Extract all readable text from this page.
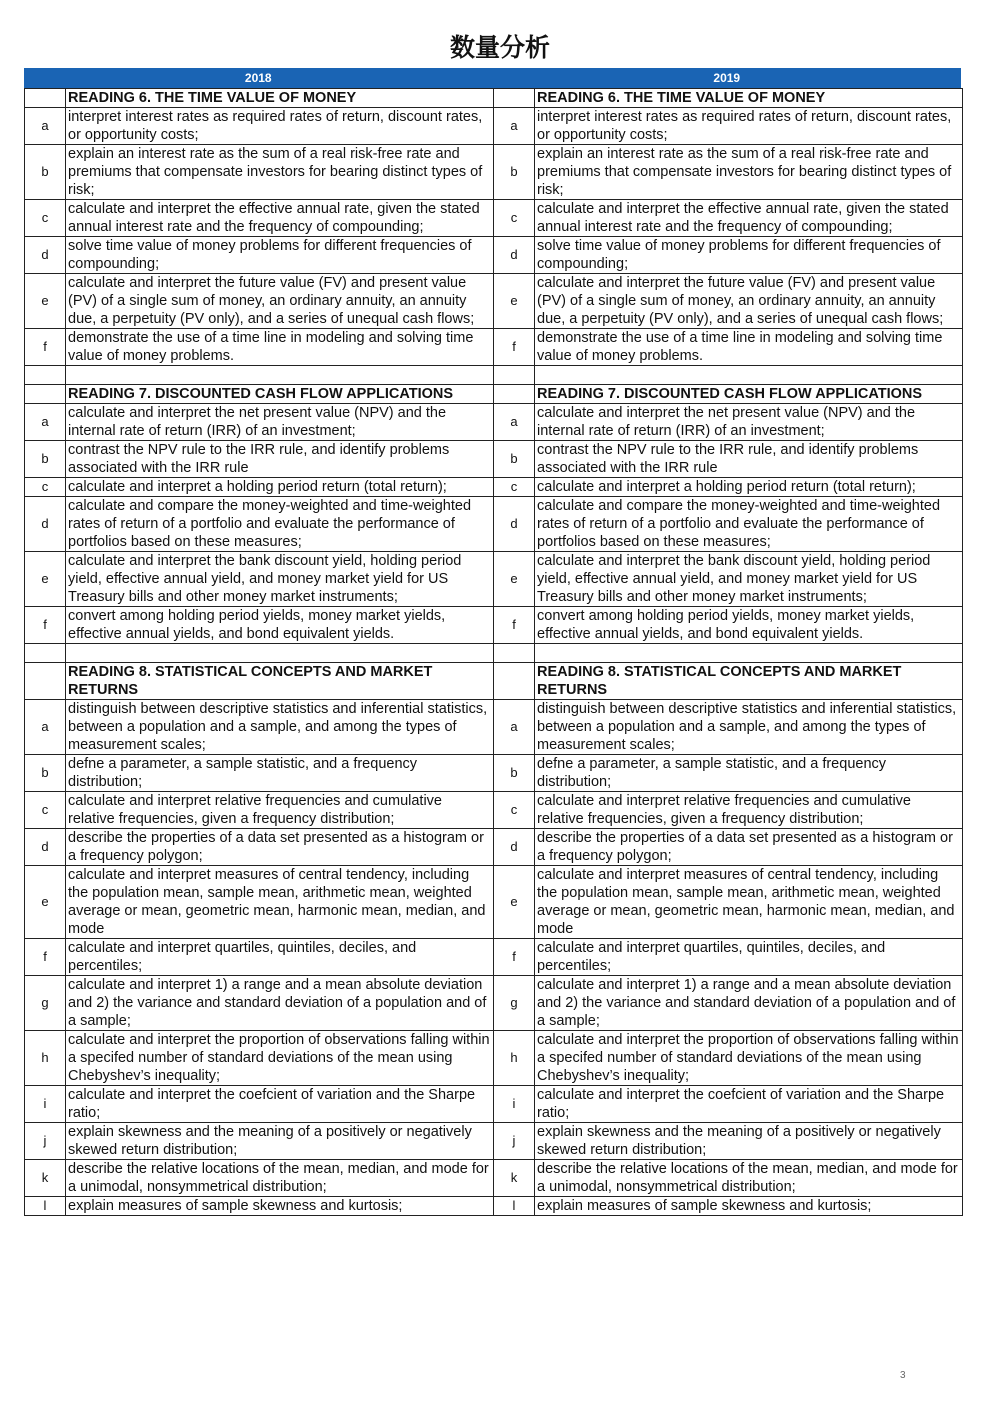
数量分析
2018	2019
	READING 6. THE TIME VALUE OF MONEY		READING 6. THE TIME VALUE OF MONEY
a	interpret interest rates as required rates of return, discount rates, or opportunity costs;	a	interpret interest rates as required rates of return, discount rates, or opportunity costs;
b	explain an interest rate as the sum of a real risk-free rate and premiums that compensate investors for bearing distinct types of risk;	b	explain an interest rate as the sum of a real risk-free rate and premiums that compensate investors for bearing distinct types of risk;
c	calculate and interpret the effective annual rate, given the stated annual interest rate and the frequency of compounding;	c	calculate and interpret the effective annual rate, given the stated annual interest rate and the frequency of compounding;
d	solve time value of money problems for different frequencies of compounding;	d	solve time value of money problems for different frequencies of compounding;
e	calculate and interpret the future value (FV) and present value (PV) of a single sum of money, an ordinary annuity, an annuity due, a perpetuity (PV only), and a series of unequal cash flows;	e	calculate and interpret the future value (FV) and present value (PV) of a single sum of money, an ordinary annuity, an annuity due, a perpetuity (PV only), and a series of unequal cash flows;
f	demonstrate the use of a time line in modeling and solving time value of money problems.	f	demonstrate the use of a time line in modeling and solving time value of money problems.

	READING 7. DISCOUNTED CASH FLOW APPLICATIONS		READING 7. DISCOUNTED CASH FLOW APPLICATIONS
a	calculate and interpret the net present value (NPV) and the internal rate of return (IRR) of an investment;	a	calculate and interpret the net present value (NPV) and the internal rate of return (IRR) of an investment;
b	contrast the NPV rule to the IRR rule, and identify problems associated with the IRR rule	b	contrast the NPV rule to the IRR rule, and identify problems associated with the IRR rule
c	calculate and interpret a holding period return (total return);	c	calculate and interpret a holding period return (total return);
d	calculate and compare the money-weighted and time-weighted rates of return of a portfolio and evaluate the performance of portfolios based on these measures;	d	calculate and compare the money-weighted and time-weighted rates of return of a portfolio and evaluate the performance of portfolios based on these measures;
e	calculate and interpret the bank discount yield, holding period yield, effective annual yield, and money market yield for US Treasury bills and other money market instruments;	e	calculate and interpret the bank discount yield, holding period yield, effective annual yield, and money market yield for US Treasury bills and other money market instruments;
f	convert among holding period yields, money market yields, effective annual yields, and bond equivalent yields.	f	convert among holding period yields, money market yields, effective annual yields, and bond equivalent yields.

	READING 8. STATISTICAL CONCEPTS AND MARKET RETURNS		READING 8. STATISTICAL CONCEPTS AND MARKET RETURNS
a	distinguish between descriptive statistics and inferential statistics, between a population and a sample, and among the types of measurement scales;	a	distinguish between descriptive statistics and inferential statistics, between a population and a sample, and among the types of measurement scales;
b	defne a parameter, a sample statistic, and a frequency distribution;	b	defne a parameter, a sample statistic, and a frequency distribution;
c	calculate and interpret relative frequencies and cumulative relative frequencies, given a frequency distribution;	c	calculate and interpret relative frequencies and cumulative relative frequencies, given a frequency distribution;
d	describe the properties of a data set presented as a histogram or a frequency polygon;	d	describe the properties of a data set presented as a histogram or a frequency polygon;
e	calculate and interpret measures of central tendency, including the population mean, sample mean, arithmetic mean, weighted average or mean, geometric mean, harmonic mean, median, and mode	e	calculate and interpret measures of central tendency, including the population mean, sample mean, arithmetic mean, weighted average or mean, geometric mean, harmonic mean, median, and mode
f	calculate and interpret quartiles, quintiles, deciles, and percentiles;	f	calculate and interpret quartiles, quintiles, deciles, and percentiles;
g	calculate and interpret 1) a range and a mean absolute deviation and 2) the variance and standard deviation of a population and of a sample;	g	calculate and interpret 1) a range and a mean absolute deviation and 2) the variance and standard deviation of a population and of a sample;
h	calculate and interpret the proportion of observations falling within a specifed number of standard deviations of the mean using Chebyshev’s inequality;	h	calculate and interpret the proportion of observations falling within a specifed number of standard deviations of the mean using Chebyshev’s inequality;
i	calculate and interpret the coefcient of variation and the Sharpe ratio;	i	calculate and interpret the coefcient of variation and the Sharpe ratio;
j	explain skewness and the meaning of a positively or negatively skewed return distribution;	j	explain skewness and the meaning of a positively or negatively skewed return distribution;
k	describe the relative locations of the mean, median, and mode for a unimodal, nonsymmetrical distribution;	k	describe the relative locations of the mean, median, and mode for a unimodal, nonsymmetrical distribution;
l	explain measures of sample skewness and kurtosis;	l	explain measures of sample skewness and kurtosis;
3
